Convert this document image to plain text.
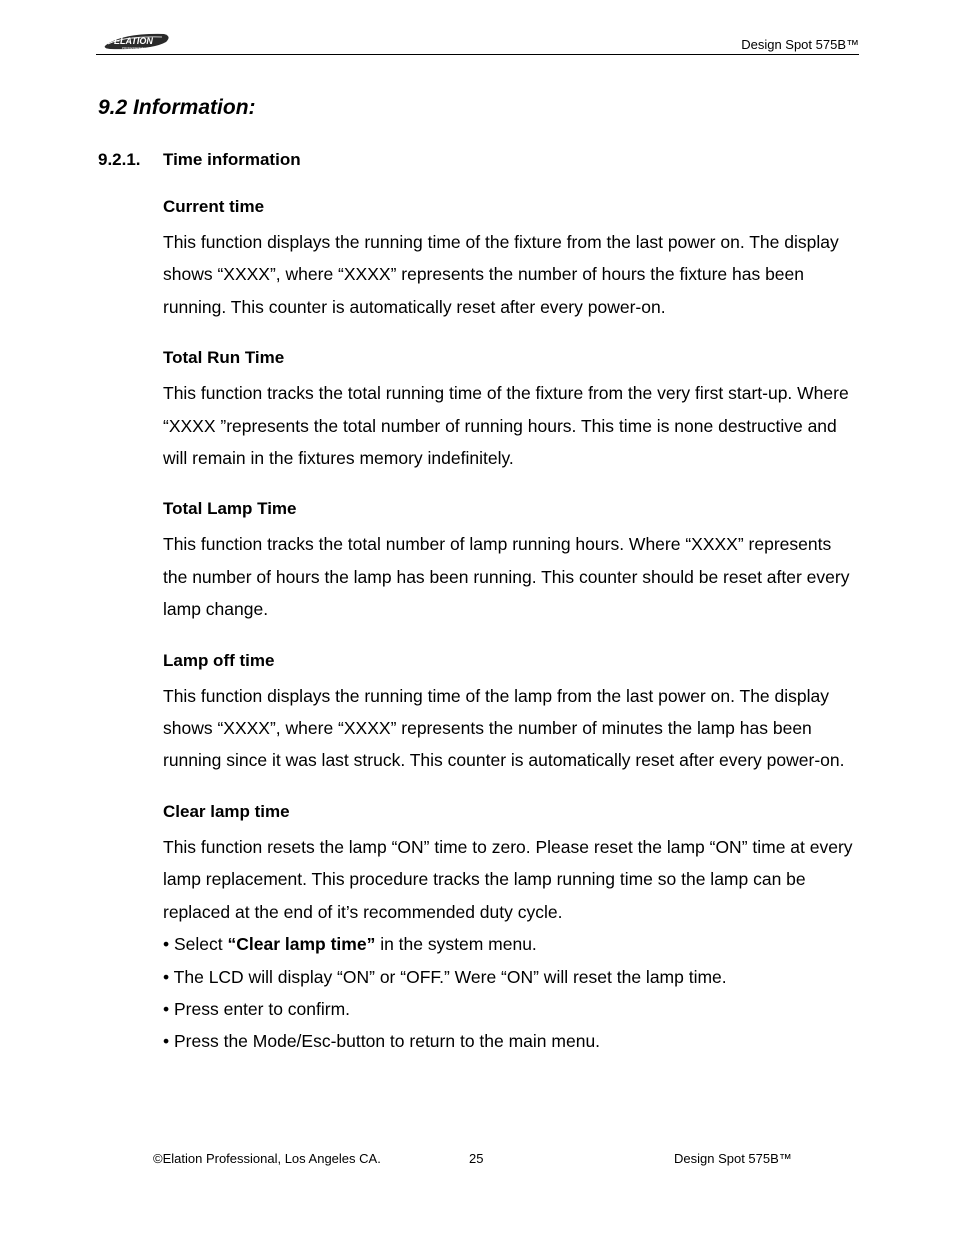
ELATION
PROFESSIONAL	Design Spot 575B™
9.2 Information:
9.2.1. Time information

Current time

This function displays the running time of the fixture from the last power on. The display shows “XXXX”, where “XXXX” represents the number of hours the fixture has been running. This counter is automatically reset after every power-on.

Total Run Time

This function tracks the total running time of the fixture from the very first start-up. Where “XXXX ”represents the total number of running hours. This time is none destructive and will remain in the fixtures memory indefinitely.

Total Lamp Time

This function tracks the total number of lamp running hours. Where “XXXX” represents the number of hours the lamp has been running. This counter should be reset after every lamp change.

Lamp off time

This function displays the running time of the lamp from the last power on. The display shows “XXXX”, where “XXXX” represents the number of minutes the lamp has been running since it was last struck. This counter is automatically reset after every power-on.

Clear lamp time

This function resets the lamp “ON” time to zero. Please reset the lamp “ON” time at every lamp replacement. This procedure tracks the lamp running time so the lamp can be replaced at the end of it’s recommended duty cycle.

• Select “Clear lamp time” in the system menu.

• The LCD will display “ON” or “OFF.” Were “ON” will reset the lamp time.

• Press enter to confirm.

• Press the Mode/Esc-button to return to the main menu.

©Elation Professional, Los Angeles CA.	25	Design Spot 575B™
